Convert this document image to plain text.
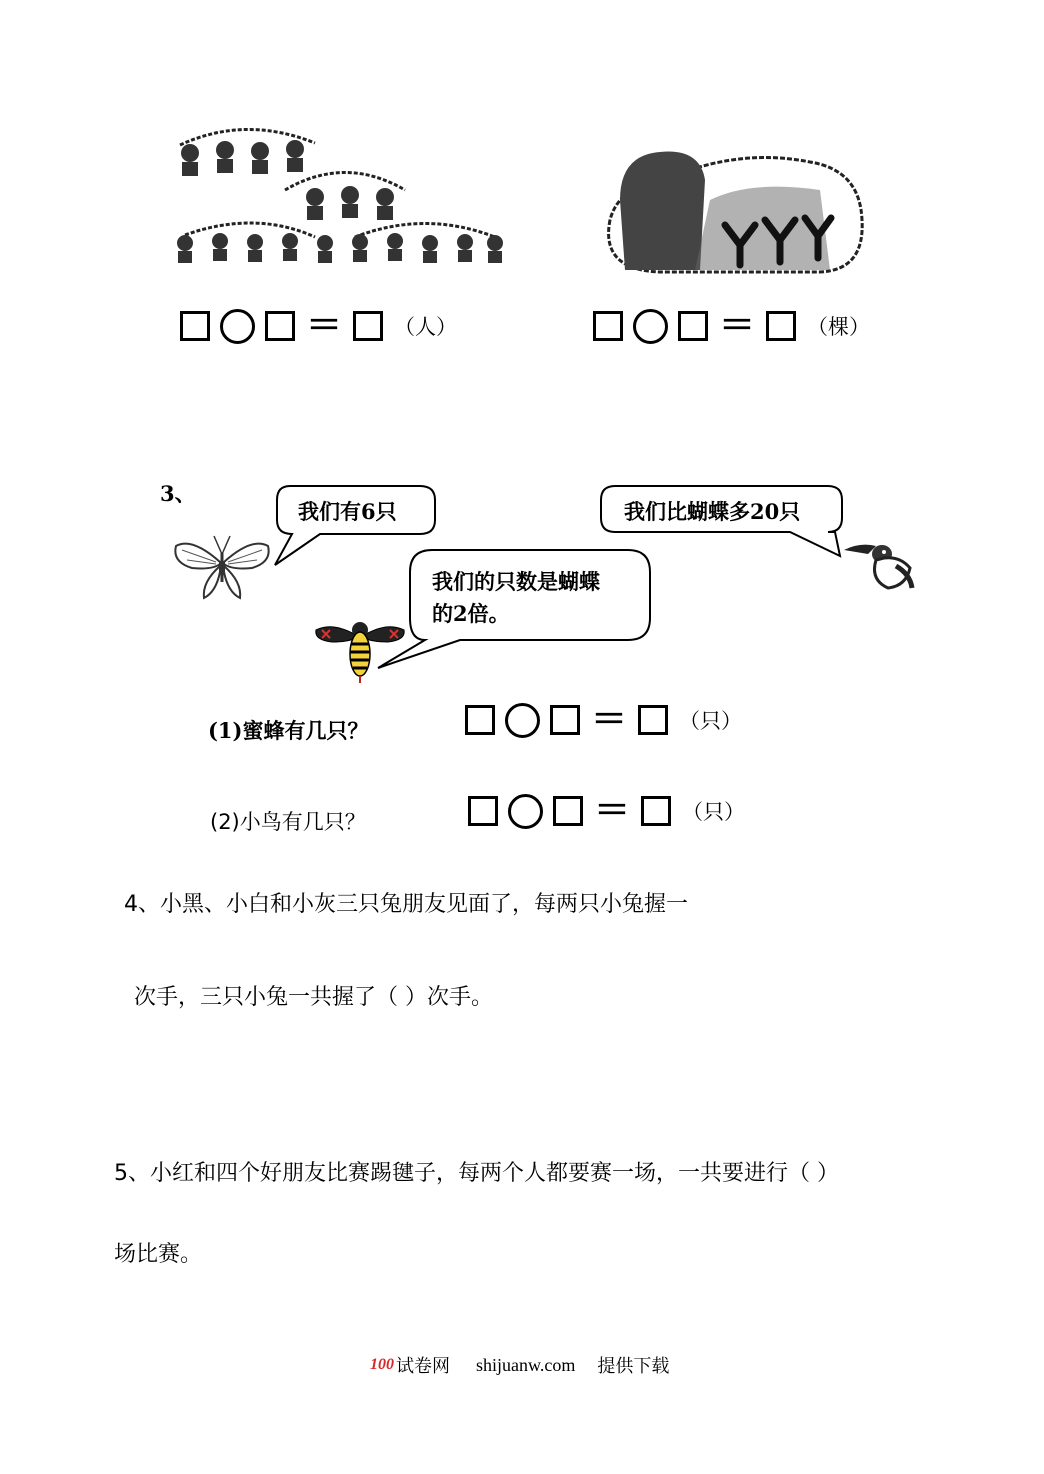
＝ （人）	＝ （棵）
3、
我们有6只	我们比蝴蝶多20只
我们的只数是蝴蝶
的2倍。
(1)蜜蜂有几只？	＝ （只）
(2)小鸟有几只？	＝ （只）
4、小黑、小白和小灰三只兔朋友见面了，每两只小兔握一
次手，三只小兔一共握了（ ）次手。
5、小红和四个好朋友比赛踢毽子，每两个人都要赛一场，一共要进行（ ）
场比赛。
100 试卷网 shijuanw.com 提供下载
